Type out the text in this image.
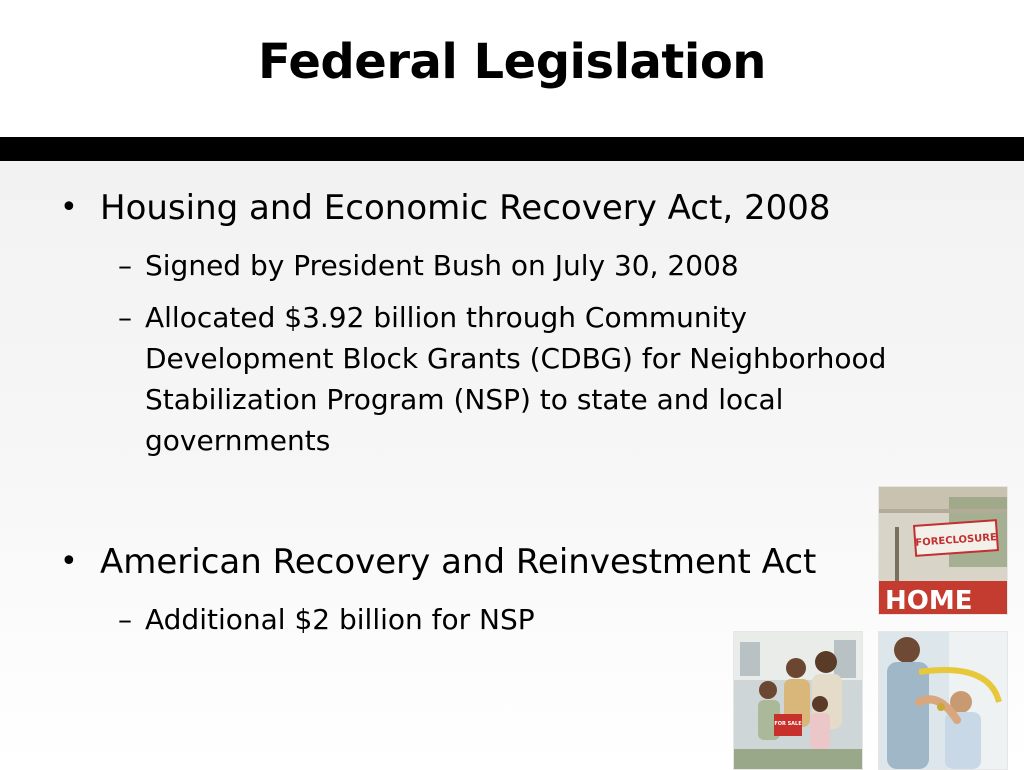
Federal Legislation
• Housing and Economic Recovery Act, 2008
– Signed by President Bush on July 30, 2008
– Allocated $3.92 billion through Community Development Block Grants (CDBG) for Neighborhood Stabilization Program (NSP) to state and local governments
• American Recovery and Reinvestment Act
– Additional $2 billion for NSP
FORECLOSURE
HOME
FOR SALE
